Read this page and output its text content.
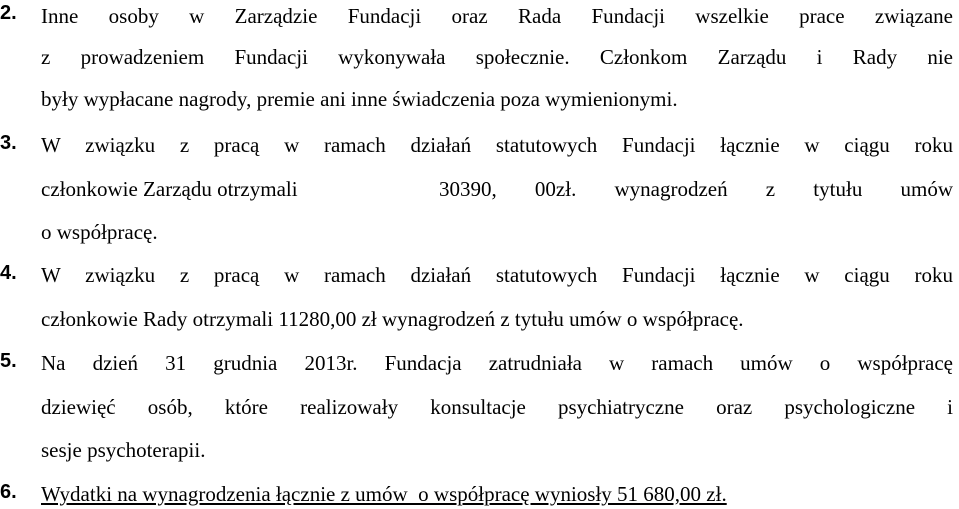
2. Inne osoby w Zarządzie Fundacji oraz Rada Fundacji wszelkie prace związane
z prowadzeniem Fundacji wykonywała społecznie. Członkom Zarządu i Rady nie
były wypłacane nagrody, premie ani inne świadczenia poza wymienionymi.
3. W związku z pracą w ramach działań statutowych Fundacji łącznie w ciągu roku
członkowie Zarządu otrzymali	30390, 00zł. wynagrodzeń z tytułu umów
o współpracę.
4. W związku z pracą w ramach działań statutowych Fundacji łącznie w ciągu roku
członkowie Rady otrzymali 11280,00 zł wynagrodzeń z tytułu umów o współpracę.
5. Na dzień 31 grudnia 2013r. Fundacja zatrudniała w ramach umów o współpracę
dziewięć osób, które realizowały konsultacje psychiatryczne oraz psychologiczne i
sesje psychoterapii.
6. Wydatki na wynagrodzenia łącznie z umów  o współpracę wyniosły 51 680,00 zł.
